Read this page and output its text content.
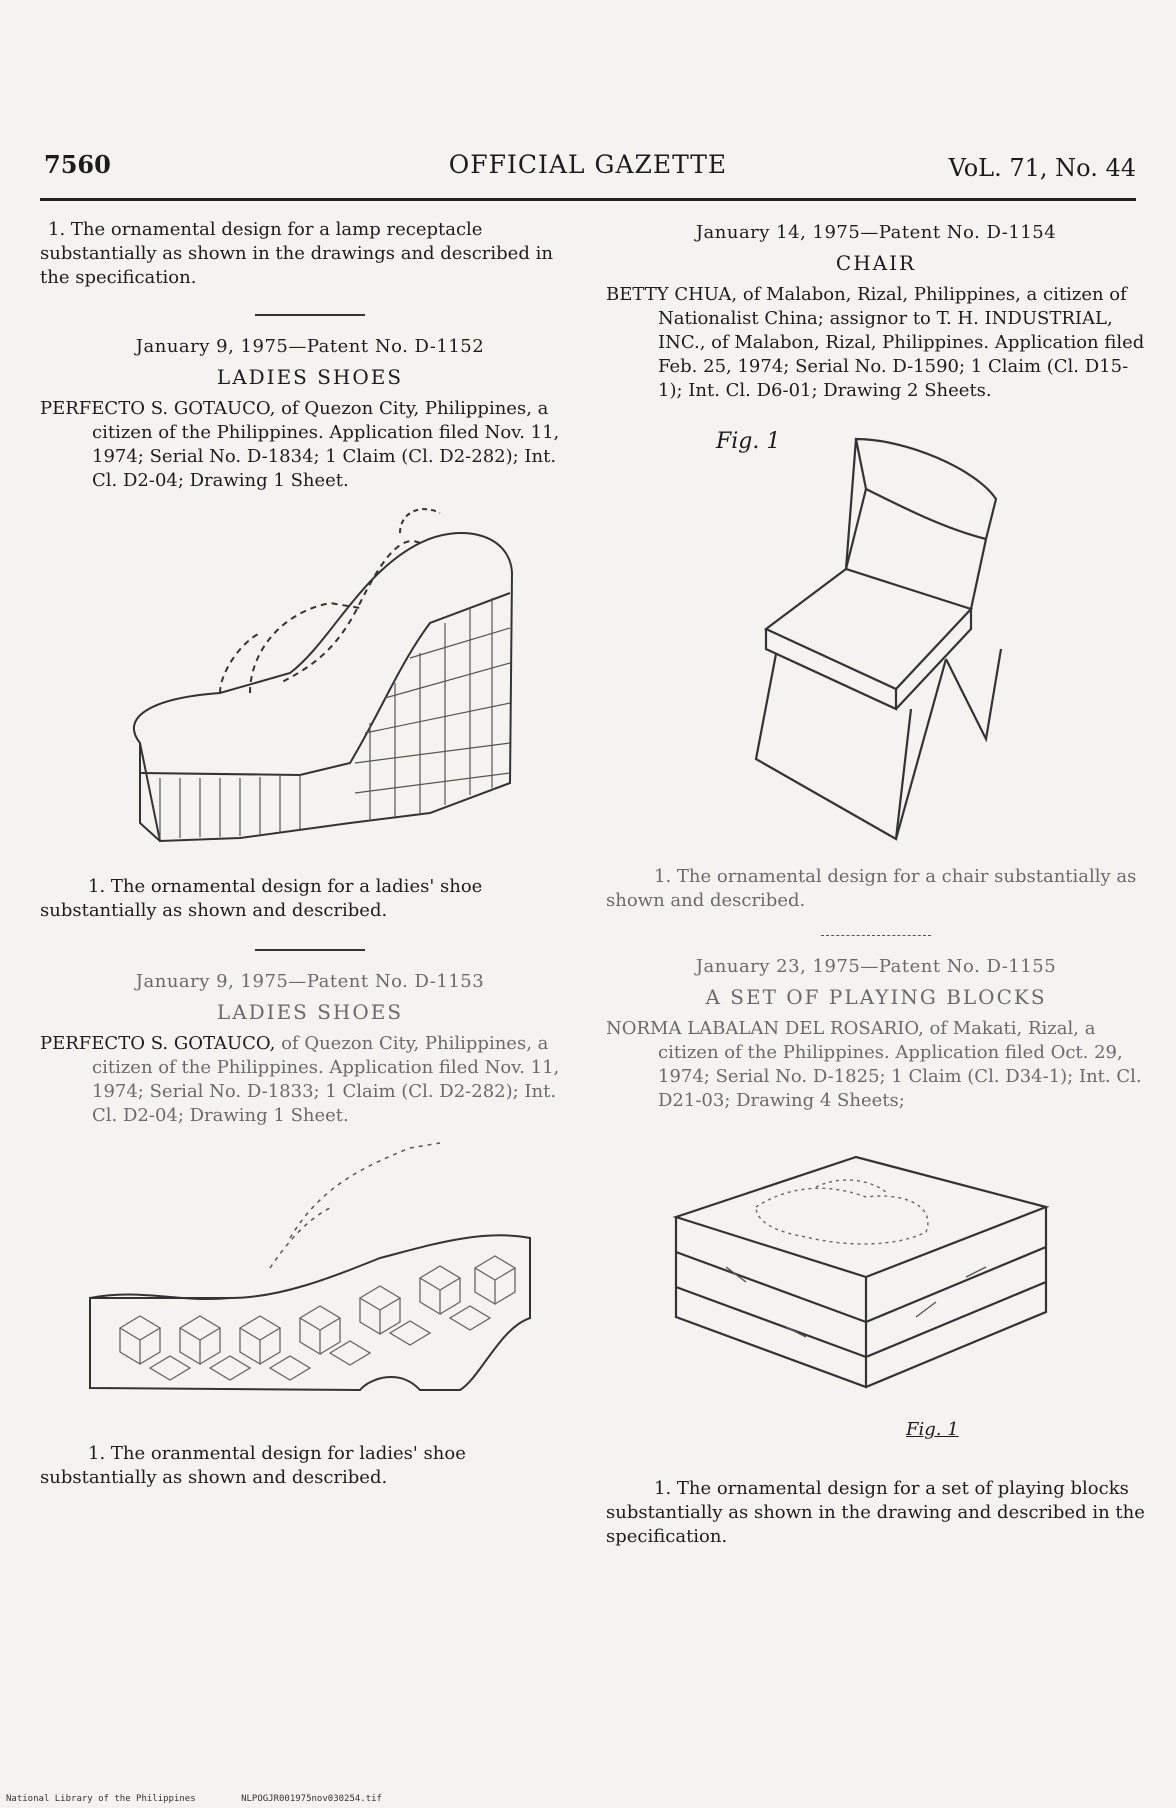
7560	OFFICIAL GAZETTE	VoL. 71, No. 44

1. The ornamental design for a lamp receptacle substantially as shown in the drawings and described in the specification.

January 9, 1975—Patent No. D-1152
LADIES SHOES

PERFECTO S. GOTAUCO, of Quezon City, Philippines, a citizen of the Philippines. Application filed Nov. 11, 1974; Serial No. D-1834; 1 Claim (Cl. D2-282); Int. Cl. D2-04; Drawing 1 Sheet.

1. The ornamental design for a ladies' shoe substantially as shown and described.

January 9, 1975—Patent No. D-1153
LADIES SHOES

PERFECTO S. GOTAUCO, of Quezon City, Philippines, a citizen of the Philippines. Application filed Nov. 11, 1974; Serial No. D-1833; 1 Claim (Cl. D2-282); Int. Cl. D2-04; Drawing 1 Sheet.

1. The oranmental design for ladies' shoe substantially as shown and described.

January 14, 1975—Patent No. D-1154
CHAIR

BETTY CHUA, of Malabon, Rizal, Philippines, a citizen of Nationalist China; assignor to T. H. INDUSTRIAL, INC., of Malabon, Rizal, Philippines. Application filed Feb. 25, 1974; Serial No. D-1590; 1 Claim (Cl. D15-1); Int. Cl. D6-01; Drawing 2 Sheets.

Fig. 1

1. The ornamental design for a chair substantially as shown and described.

January 23, 1975—Patent No. D-1155
A SET OF PLAYING BLOCKS

NORMA LABALAN DEL ROSARIO, of Makati, Rizal, a citizen of the Philippines. Application filed Oct. 29, 1974; Serial No. D-1825; 1 Claim (Cl. D34-1); Int. Cl. D21-03; Drawing 4 Sheets;

Fig. 1

1. The ornamental design for a set of playing blocks substantially as shown in the drawing and described in the specification.

National Library of the Philippines	NLPOGJR001975nov030254.tif
